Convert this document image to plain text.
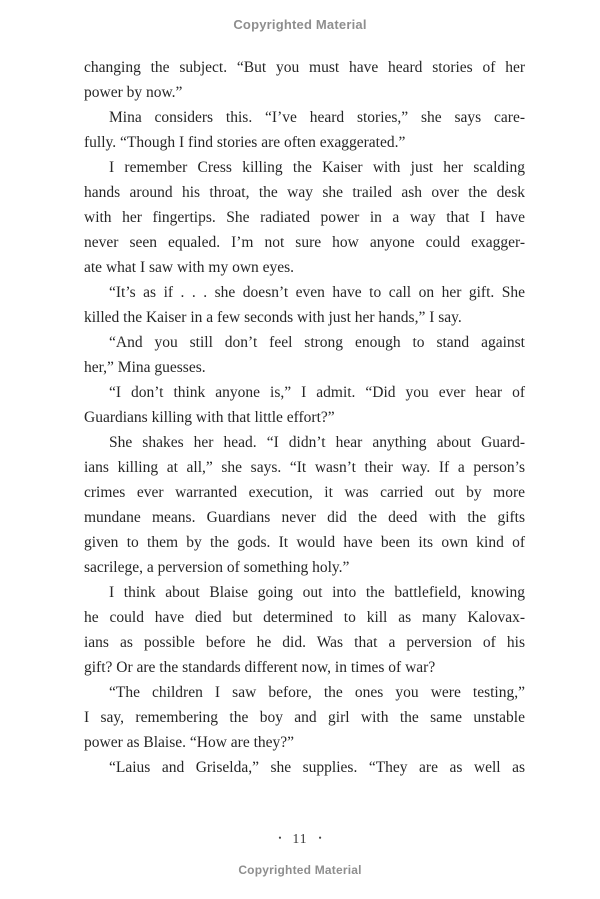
Copyrighted Material
changing the subject. “But you must have heard stories of her
power by now.”
Mina considers this. “I’ve heard stories,” she says care-
fully. “Though I find stories are often exaggerated.”
I remember Cress killing the Kaiser with just her scalding
hands around his throat, the way she trailed ash over the desk
with her fingertips. She radiated power in a way that I have
never seen equaled. I’m not sure how anyone could exagger-
ate what I saw with my own eyes.
“It’s as if . . . she doesn’t even have to call on her gift. She
killed the Kaiser in a few seconds with just her hands,” I say.
“And you still don’t feel strong enough to stand against
her,” Mina guesses.
“I don’t think anyone is,” I admit. “Did you ever hear of
Guardians killing with that little effort?”
She shakes her head. “I didn’t hear anything about Guard-
ians killing at all,” she says. “It wasn’t their way. If a person’s
crimes ever warranted execution, it was carried out by more
mundane means. Guardians never did the deed with the gifts
given to them by the gods. It would have been its own kind of
sacrilege, a perversion of something holy.”
I think about Blaise going out into the battlefield, knowing
he could have died but determined to kill as many Kalovax-
ians as possible before he did. Was that a perversion of his
gift? Or are the standards different now, in times of war?
“The children I saw before, the ones you were testing,”
I say, remembering the boy and girl with the same unstable
power as Blaise. “How are they?”
“Laius and Griselda,” she supplies. “They are as well as
• 11 •
Copyrighted Material
